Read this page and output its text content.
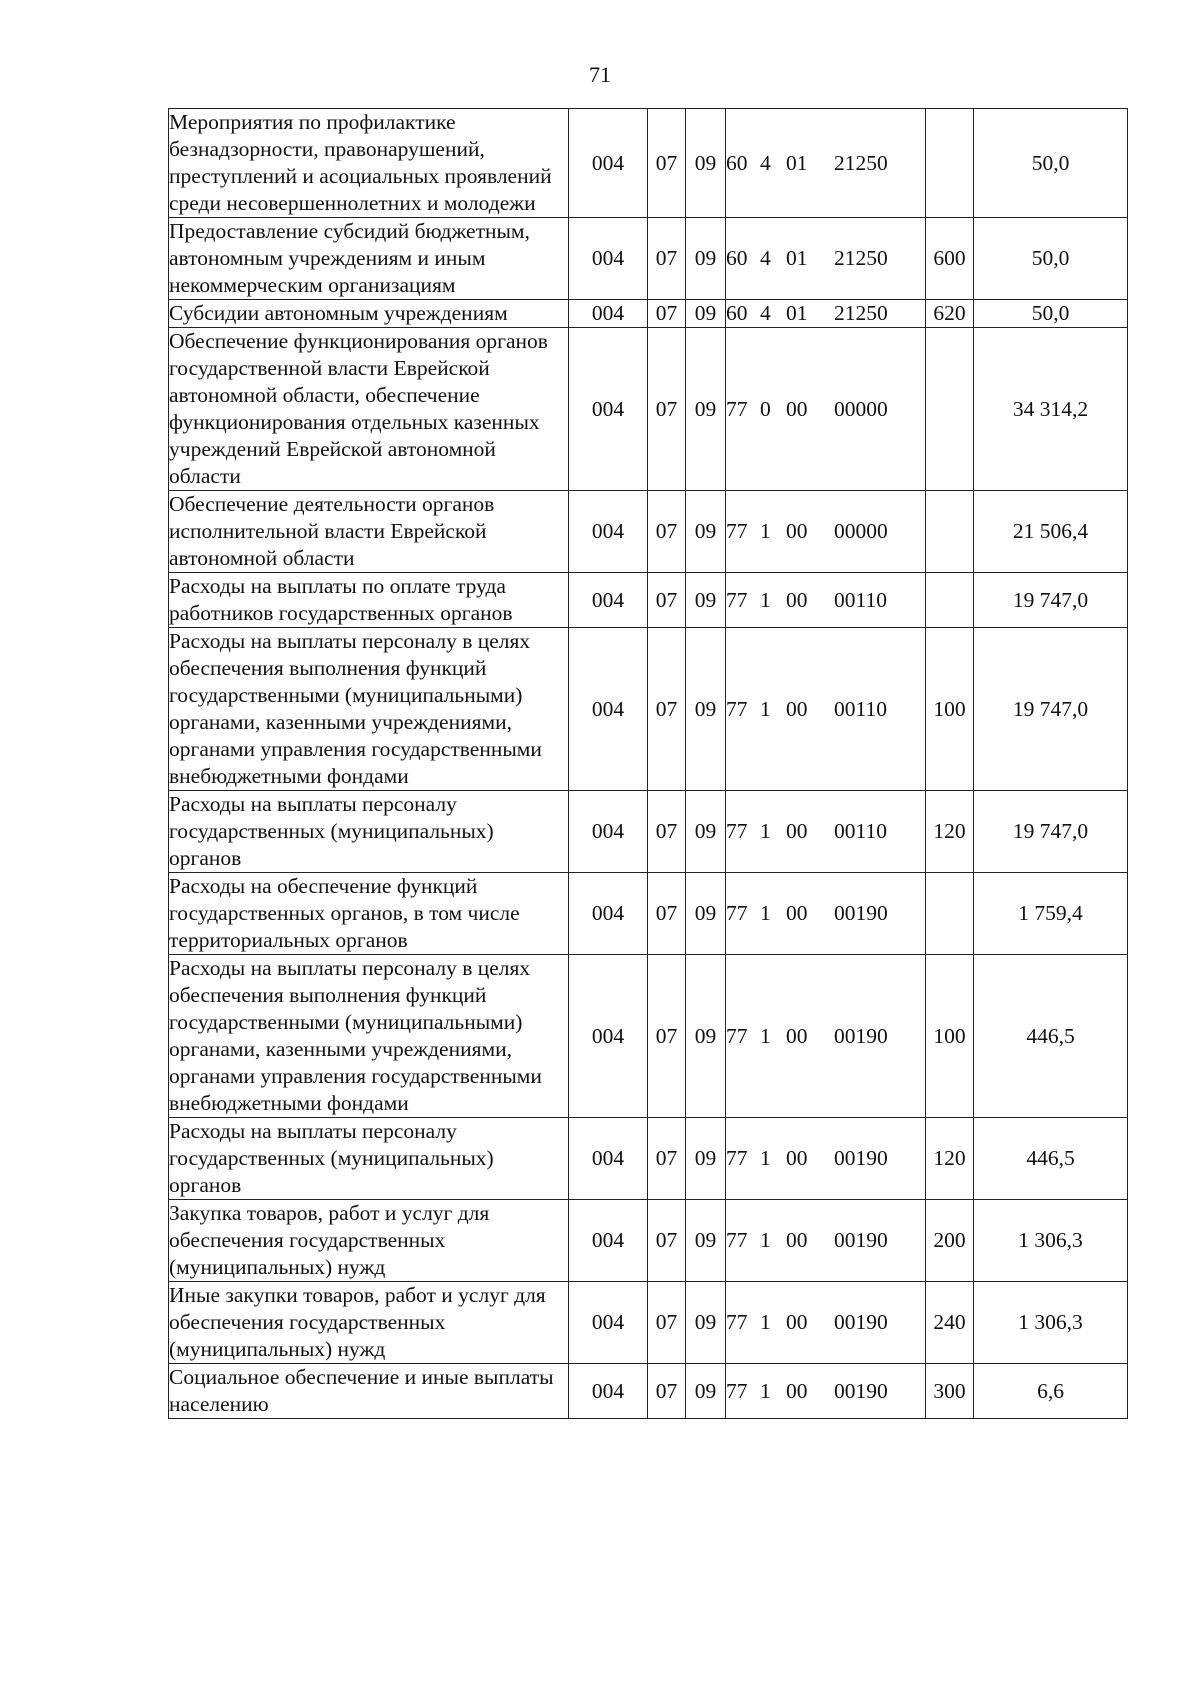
71
Мероприятия по профилактике безнадзорности, правонарушений, преступлений и асоциальных проявлений среди несовершеннолетних и молодежи	004	07	09	60 4 01 21250		50,0
Предоставление субсидий бюджетным, автономным учреждениям и иным некоммерческим организациям	004	07	09	60 4 01 21250	600	50,0
Субсидии автономным учреждениям	004	07	09	60 4 01 21250	620	50,0
Обеспечение функционирования органов государственной власти Еврейской автономной области, обеспечение функционирования отдельных казенных учреждений Еврейской автономной области	004	07	09	77 0 00 00000		34 314,2
Обеспечение деятельности органов исполнительной власти Еврейской автономной области	004	07	09	77 1 00 00000		21 506,4
Расходы на выплаты по оплате труда работников государственных органов	004	07	09	77 1 00 00110		19 747,0
Расходы на выплаты персоналу в целях обеспечения выполнения функций государственными (муниципальными) органами, казенными учреждениями, органами управления государственными внебюджетными фондами	004	07	09	77 1 00 00110	100	19 747,0
Расходы на выплаты персоналу государственных (муниципальных) органов	004	07	09	77 1 00 00110	120	19 747,0
Расходы на обеспечение функций государственных органов, в том числе территориальных органов	004	07	09	77 1 00 00190		1 759,4
Расходы на выплаты персоналу в целях обеспечения выполнения функций государственными (муниципальными) органами, казенными учреждениями, органами управления государственными внебюджетными фондами	004	07	09	77 1 00 00190	100	446,5
Расходы на выплаты персоналу государственных (муниципальных) органов	004	07	09	77 1 00 00190	120	446,5
Закупка товаров, работ и услуг для обеспечения государственных (муниципальных) нужд	004	07	09	77 1 00 00190	200	1 306,3
Иные закупки товаров, работ и услуг для обеспечения государственных (муниципальных) нужд	004	07	09	77 1 00 00190	240	1 306,3
Социальное обеспечение и иные выплаты населению	004	07	09	77 1 00 00190	300	6,6
